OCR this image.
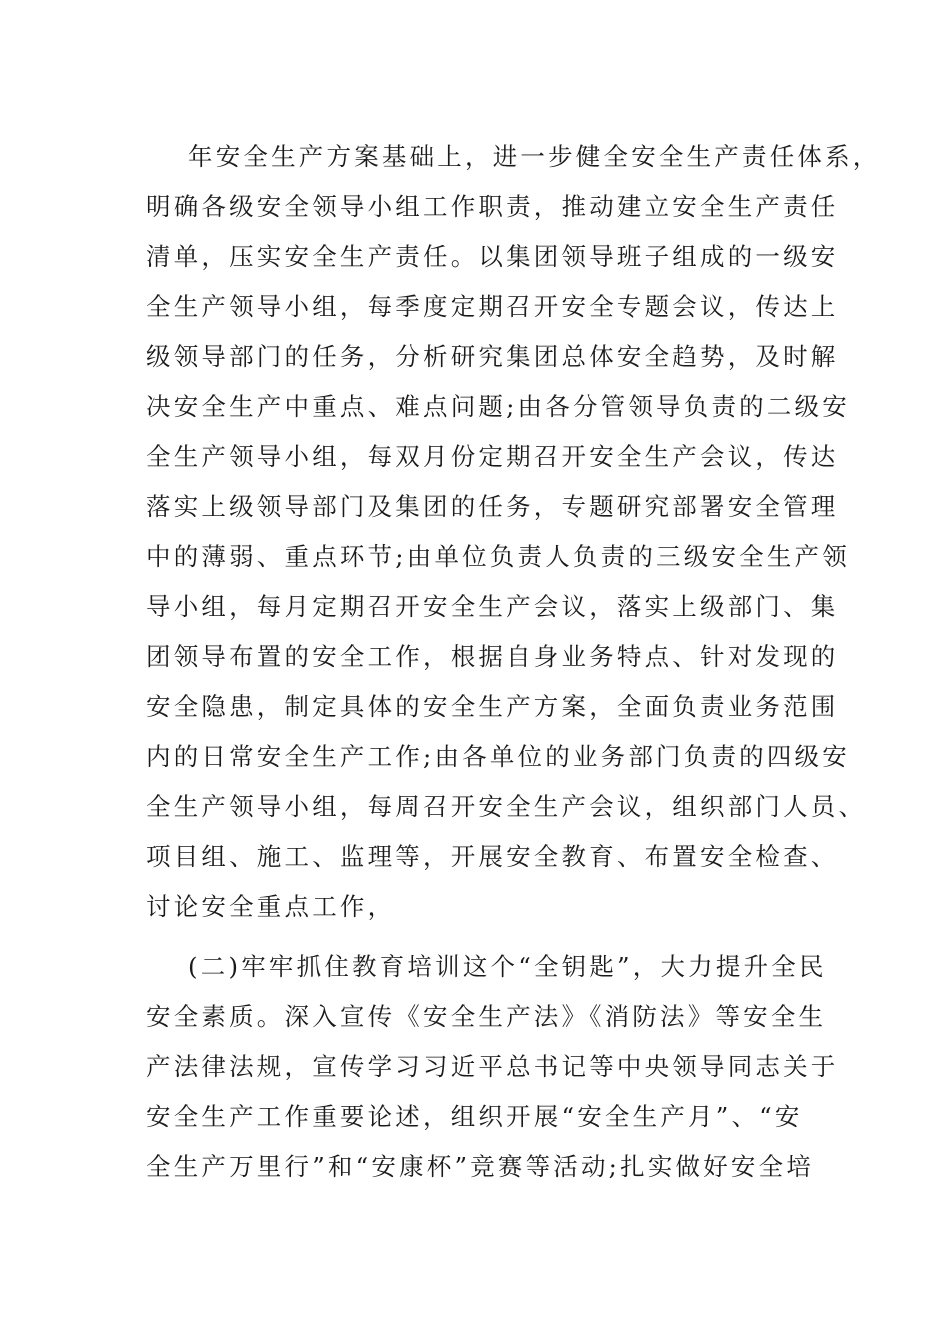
年安全生产方案基础上，进一步健全安全生产责任体系，
明确各级安全领导小组工作职责，推动建立安全生产责任
清单，压实安全生产责任。以集团领导班子组成的一级安
全生产领导小组，每季度定期召开安全专题会议，传达上
级领导部门的任务，分析研究集团总体安全趋势，及时解
决安全生产中重点、难点问题;由各分管领导负责的二级安
全生产领导小组，每双月份定期召开安全生产会议，传达
落实上级领导部门及集团的任务，专题研究部署安全管理
中的薄弱、重点环节;由单位负责人负责的三级安全生产领
导小组，每月定期召开安全生产会议，落实上级部门、集
团领导布置的安全工作，根据自身业务特点、针对发现的
安全隐患，制定具体的安全生产方案，全面负责业务范围
内的日常安全生产工作;由各单位的业务部门负责的四级安
全生产领导小组，每周召开安全生产会议，组织部门人员、
项目组、施工、监理等，开展安全教育、布置安全检查、
讨论安全重点工作，
(二)牢牢抓住教育培训这个“全钥匙”，大力提升全民
安全素质。深入宣传《安全生产法》《消防法》等安全生
产法律法规，宣传学习习近平总书记等中央领导同志关于
安全生产工作重要论述，组织开展“安全生产月”、“安
全生产万里行”和“安康杯”竞赛等活动;扎实做好安全培
